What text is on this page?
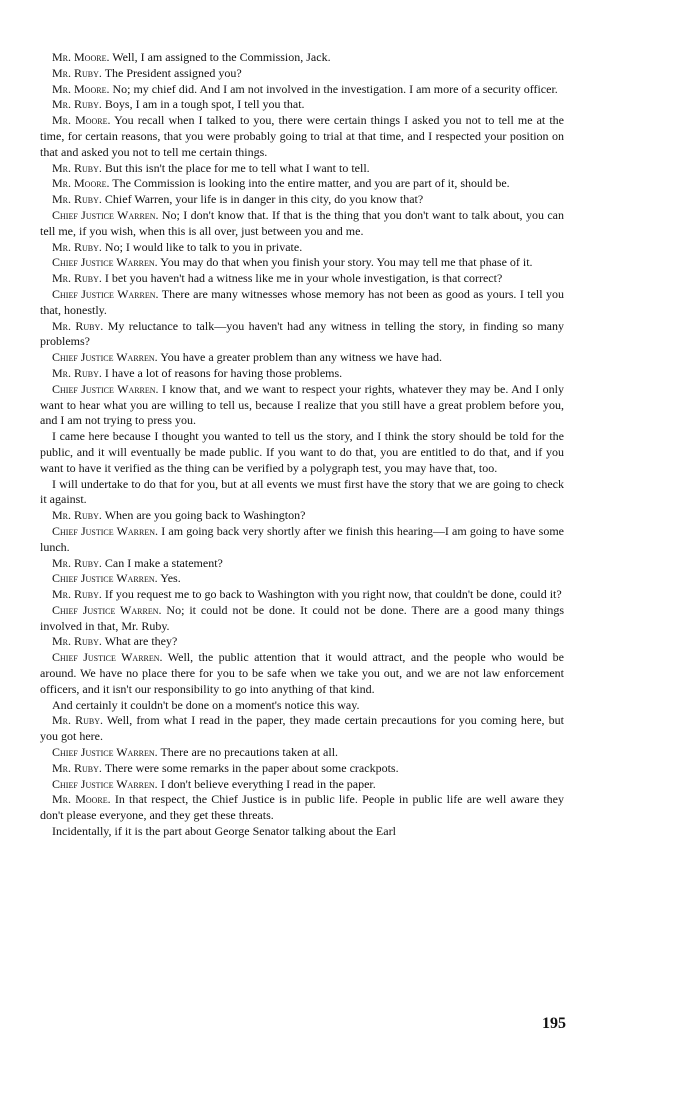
Mr. Moore. Well, I am assigned to the Commission, Jack.

Mr. Ruby. The President assigned you?

Mr. Moore. No; my chief did. And I am not involved in the investigation. I am more of a security officer.

Mr. Ruby. Boys, I am in a tough spot, I tell you that.

Mr. Moore. You recall when I talked to you, there were certain things I asked you not to tell me at the time, for certain reasons, that you were probably going to trial at that time, and I respected your position on that and asked you not to tell me certain things.

Mr. Ruby. But this isn't the place for me to tell what I want to tell.

Mr. Moore. The Commission is looking into the entire matter, and you are part of it, should be.

Mr. Ruby. Chief Warren, your life is in danger in this city, do you know that?

Chief Justice Warren. No; I don't know that. If that is the thing that you don't want to talk about, you can tell me, if you wish, when this is all over, just between you and me.

Mr. Ruby. No; I would like to talk to you in private.

Chief Justice Warren. You may do that when you finish your story. You may tell me that phase of it.

Mr. Ruby. I bet you haven't had a witness like me in your whole investigation, is that correct?

Chief Justice Warren. There are many witnesses whose memory has not been as good as yours. I tell you that, honestly.

Mr. Ruby. My reluctance to talk—you haven't had any witness in telling the story, in finding so many problems?

Chief Justice Warren. You have a greater problem than any witness we have had.

Mr. Ruby. I have a lot of reasons for having those problems.

Chief Justice Warren. I know that, and we want to respect your rights, whatever they may be. And I only want to hear what you are willing to tell us, because I realize that you still have a great problem before you, and I am not trying to press you.

I came here because I thought you wanted to tell us the story, and I think the story should be told for the public, and it will eventually be made public. If you want to do that, you are entitled to do that, and if you want to have it verified as the thing can be verified by a polygraph test, you may have that, too.

I will undertake to do that for you, but at all events we must first have the story that we are going to check it against.

Mr. Ruby. When are you going back to Washington?

Chief Justice Warren. I am going back very shortly after we finish this hearing—I am going to have some lunch.

Mr. Ruby. Can I make a statement?

Chief Justice Warren. Yes.

Mr. Ruby. If you request me to go back to Washington with you right now, that couldn't be done, could it?

Chief Justice Warren. No; it could not be done. It could not be done. There are a good many things involved in that, Mr. Ruby.

Mr. Ruby. What are they?

Chief Justice Warren. Well, the public attention that it would attract, and the people who would be around. We have no place there for you to be safe when we take you out, and we are not law enforcement officers, and it isn't our responsibility to go into anything of that kind.

And certainly it couldn't be done on a moment's notice this way.

Mr. Ruby. Well, from what I read in the paper, they made certain precautions for you coming here, but you got here.

Chief Justice Warren. There are no precautions taken at all.

Mr. Ruby. There were some remarks in the paper about some crackpots.

Chief Justice Warren. I don't believe everything I read in the paper.

Mr. Moore. In that respect, the Chief Justice is in public life. People in public life are well aware they don't please everyone, and they get these threats.

Incidentally, if it is the part about George Senator talking about the Earl

195
